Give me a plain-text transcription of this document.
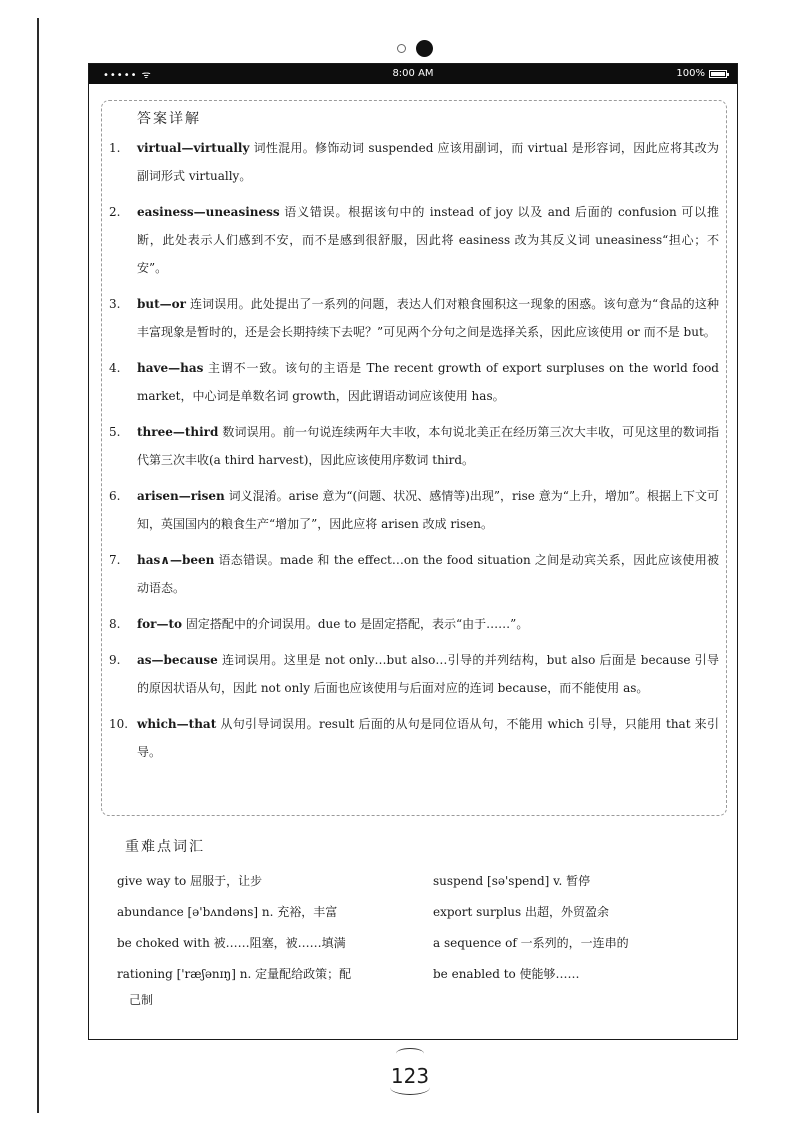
••••• ᯤ	8:00 AM	100%
答案详解
1.	virtual—virtually 词性混用。修饰动词 suspended 应该用副词，而 virtual 是形容词，因此应将其改为副词形式 virtually。
2.	easiness—uneasiness 语义错误。根据该句中的 instead of joy 以及 and 后面的 confusion 可以推断，此处表示人们感到不安，而不是感到很舒服，因此将 easiness 改为其反义词 uneasiness“担心；不安”。
3.	but—or 连词误用。此处提出了一系列的问题，表达人们对粮食囤积这一现象的困惑。该句意为“食品的这种丰富现象是暂时的，还是会长期持续下去呢？”可见两个分句之间是选择关系，因此应该使用 or 而不是 but。
4.	have—has 主谓不一致。该句的主语是 The recent growth of export surpluses on the world food market，中心词是单数名词 growth，因此谓语动词应该使用 has。
5.	three—third 数词误用。前一句说连续两年大丰收，本句说北美正在经历第三次大丰收，可见这里的数词指代第三次丰收(a third harvest)，因此应该使用序数词 third。
6.	arisen—risen 词义混淆。arise 意为“(问题、状况、感情等)出现”，rise 意为“上升，增加”。根据上下文可知，英国国内的粮食生产“增加了”，因此应将 arisen 改成 risen。
7.	has∧—been 语态错误。made 和 the effect…on the food situation 之间是动宾关系，因此应该使用被动语态。
8.	for—to 固定搭配中的介词误用。due to 是固定搭配，表示“由于……”。
9.	as—because 连词误用。这里是 not only…but also…引导的并列结构，but also 后面是 because 引导的原因状语从句，因此 not only 后面也应该使用与后面对应的连词 because，而不能使用 as。
10. which—that 从句引导词误用。result 后面的从句是同位语从句，不能用 which 引导，只能用 that 来引导。
重难点词汇
give way to 屈服于，让步	suspend [sə'spend] v. 暂停
abundance [ə'bʌndəns] n. 充裕，丰富	export surplus 出超，外贸盈余
be choked with 被……阻塞，被……填满	a sequence of 一系列的，一连串的
rationing ['ræʃənɪŋ] n. 定量配给政策；配	be enabled to 使能够……
己制
123
